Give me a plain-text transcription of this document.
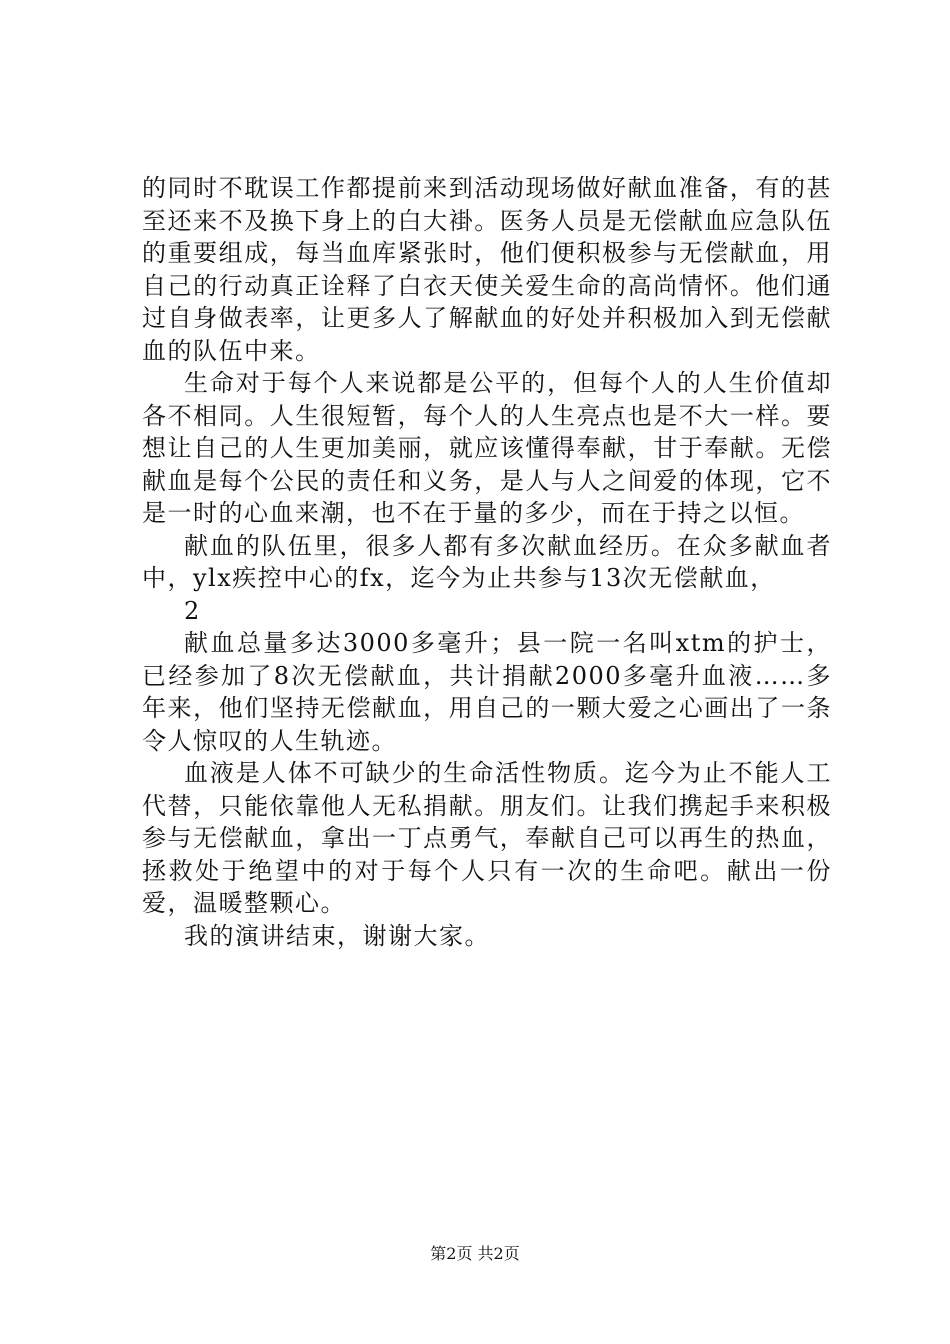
的同时不耽误工作都提前来到活动现场做好献血准备，有的甚至还来不及换下身上的白大褂。医务人员是无偿献血应急队伍的重要组成，每当血库紧张时，他们便积极参与无偿献血，用自己的行动真正诠释了白衣天使关爱生命的高尚情怀。他们通过自身做表率，让更多人了解献血的好处并积极加入到无偿献血的队伍中来。

生命对于每个人来说都是公平的，但每个人的人生价值却各不相同。人生很短暂，每个人的人生亮点也是不大一样。要想让自己的人生更加美丽，就应该懂得奉献，甘于奉献。无偿献血是每个公民的责任和义务，是人与人之间爱的体现，它不是一时的心血来潮，也不在于量的多少，而在于持之以恒。

献血的队伍里，很多人都有多次献血经历。在众多献血者中，ylx疾控中心的fx，迄今为止共参与13次无偿献血，

2

献血总量多达3000多毫升；县一院一名叫xtm的护士，已经参加了8次无偿献血，共计捐献2000多毫升血液……多年来，他们坚持无偿献血，用自己的一颗大爱之心画出了一条令人惊叹的人生轨迹。

血液是人体不可缺少的生命活性物质。迄今为止不能人工代替，只能依靠他人无私捐献。朋友们。让我们携起手来积极参与无偿献血，拿出一丁点勇气，奉献自己可以再生的热血，拯救处于绝望中的对于每个人只有一次的生命吧。献出一份爱，温暖整颗心。

我的演讲结束，谢谢大家。

第2页 共2页
